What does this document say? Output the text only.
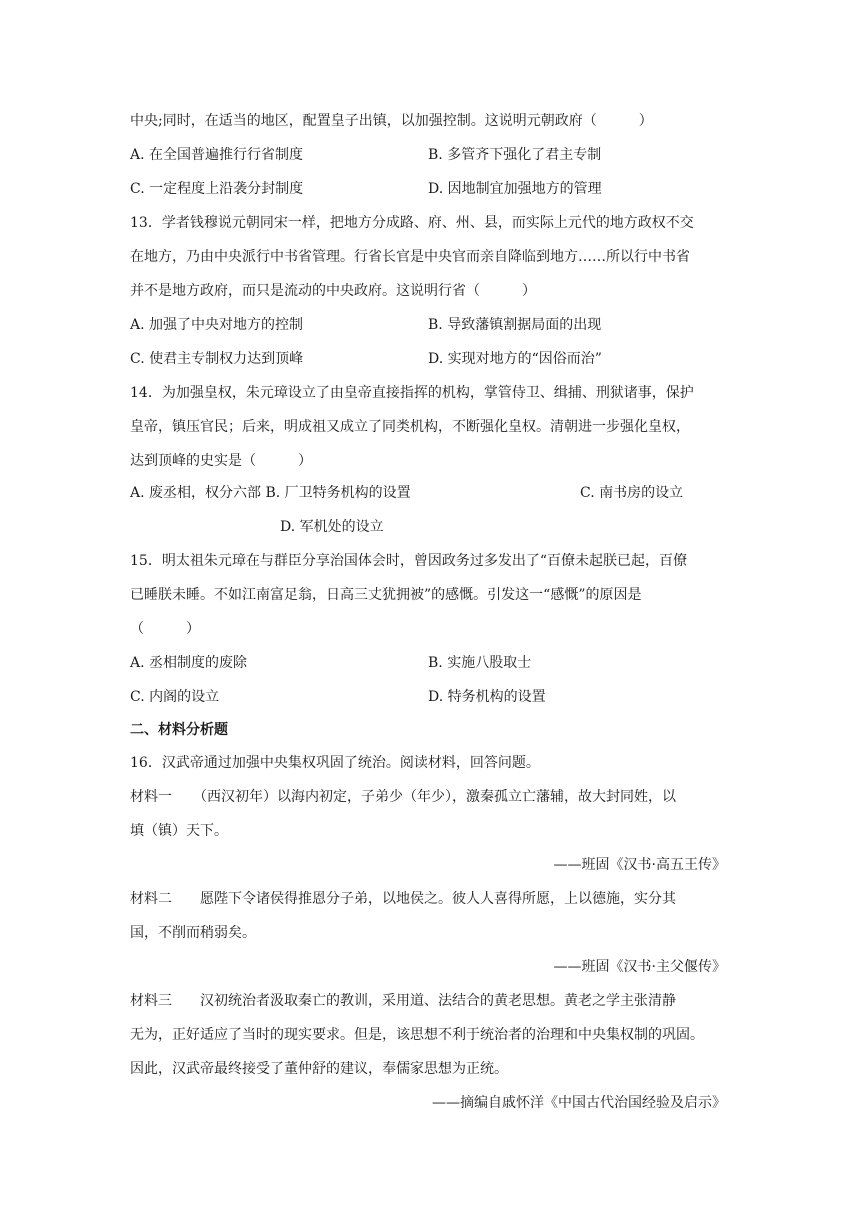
中央;同时，在适当的地区，配置皇子出镇，以加强控制。这说明元朝政府（　　　）
A. 在全国普遍推行行省制度	B. 多管齐下强化了君主专制
C. 一定程度上沿袭分封制度	D. 因地制宜加强地方的管理
13．学者钱穆说元朝同宋一样，把地方分成路、府、州、县，而实际上元代的地方政权不交
在地方，乃由中央派行中书省管理。行省长官是中央官而亲自降临到地方……所以行中书省
并不是地方政府，而只是流动的中央政府。这说明行省（　　　）
A. 加强了中央对地方的控制	B. 导致藩镇割据局面的出现
C. 使君主专制权力达到顶峰	D. 实现对地方的“因俗而治”
14．为加强皇权，朱元璋设立了由皇帝直接指挥的机构，掌管侍卫、缉捕、刑狱诸事，保护
皇帝，镇压官民；后来，明成祖又成立了同类机构，不断强化皇权。清朝进一步强化皇权，
达到顶峰的史实是（　　　）
A. 废丞相，权分六部 B. 厂卫特务机构的设置	C. 南书房的设立
D. 军机处的设立
15．明太祖朱元璋在与群臣分享治国体会时，曾因政务过多发出了“百僚未起朕已起，百僚
已睡朕未睡。不如江南富足翁，日高三丈犹拥被”的感慨。引发这一“感慨”的原因是
（　　　）
A. 丞相制度的废除	B. 实施八股取士
C. 内阁的设立	D. 特务机构的设置
二、材料分析题
16．汉武帝通过加强中央集权巩固了统治。阅读材料，回答问题。
材料一　　（西汉初年）以海内初定，子弟少（年少），激秦孤立亡藩辅，故大封同姓，以
填（镇）天下。
——班固《汉书·高五王传》
材料二　　愿陛下令诸侯得推恩分子弟，以地侯之。彼人人喜得所愿，上以德施，实分其
国，不削而稍弱矣。
——班固《汉书·主父偃传》
材料三　　汉初统治者汲取秦亡的教训，采用道、法结合的黄老思想。黄老之学主张清静
无为，正好适应了当时的现实要求。但是，该思想不利于统治者的治理和中央集权制的巩固。
因此，汉武帝最终接受了董仲舒的建议，奉儒家思想为正统。
——摘编自戚怀洋《中国古代治国经验及启示》
